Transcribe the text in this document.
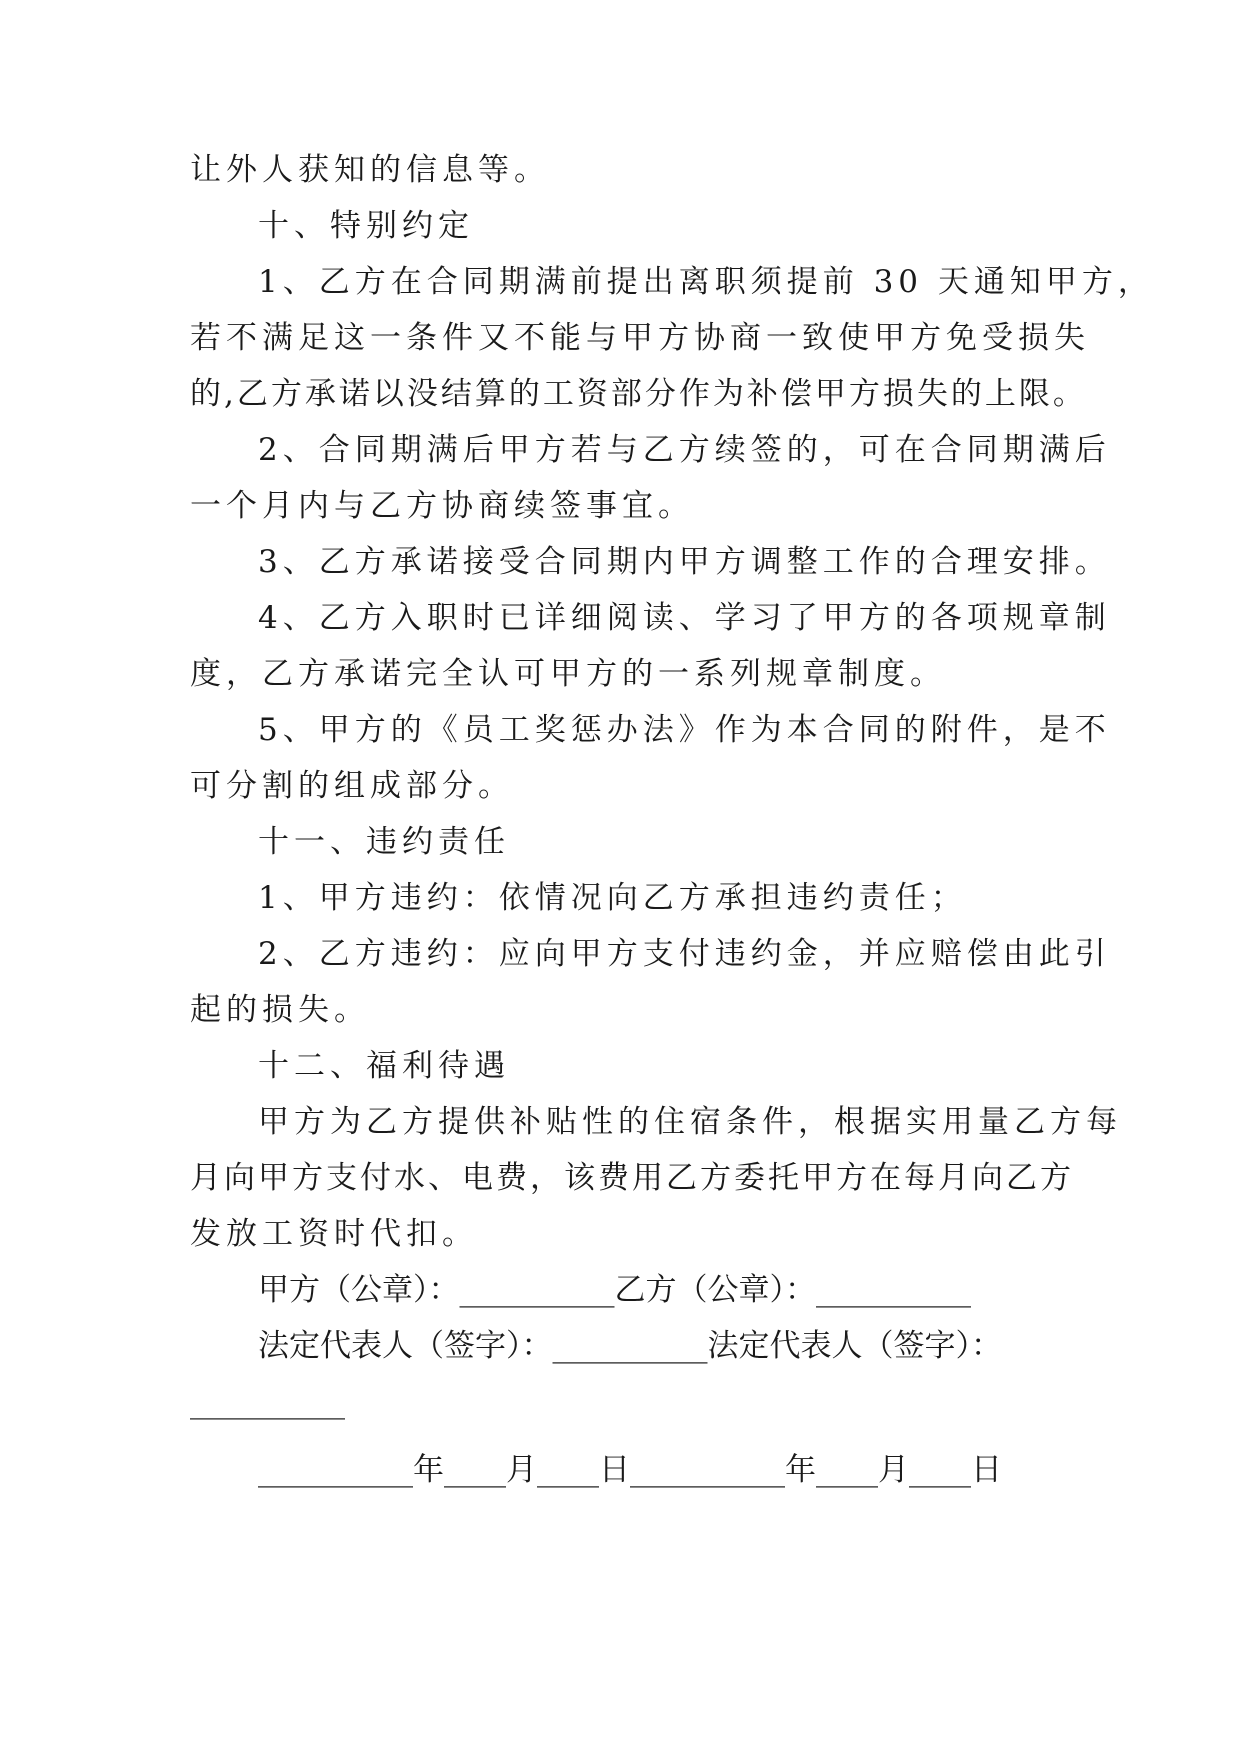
让外人获知的信息等。
十、特别约定
1、乙方在合同期满前提出离职须提前 30 天通知甲方，
若不满足这一条件又不能与甲方协商一致使甲方免受损失
的,乙方承诺以没结算的工资部分作为补偿甲方损失的上限。
2、合同期满后甲方若与乙方续签的，可在合同期满后
一个月内与乙方协商续签事宜。
3、乙方承诺接受合同期内甲方调整工作的合理安排。
4、乙方入职时已详细阅读、学习了甲方的各项规章制
度，乙方承诺完全认可甲方的一系列规章制度。
5、甲方的《员工奖惩办法》作为本合同的附件，是不
可分割的组成部分。
十一、违约责任
1、甲方违约：依情况向乙方承担违约责任；
2、乙方违约：应向甲方支付违约金，并应赔偿由此引
起的损失。
十二、福利待遇
甲方为乙方提供补贴性的住宿条件，根据实用量乙方每
月向甲方支付水、电费，该费用乙方委托甲方在每月向乙方
发放工资时代扣。
甲方（公章）：__________乙方（公章）：__________
法定代表人（签字）：__________法定代表人（签字）：
__________
__________年____月____日__________年____月____日
